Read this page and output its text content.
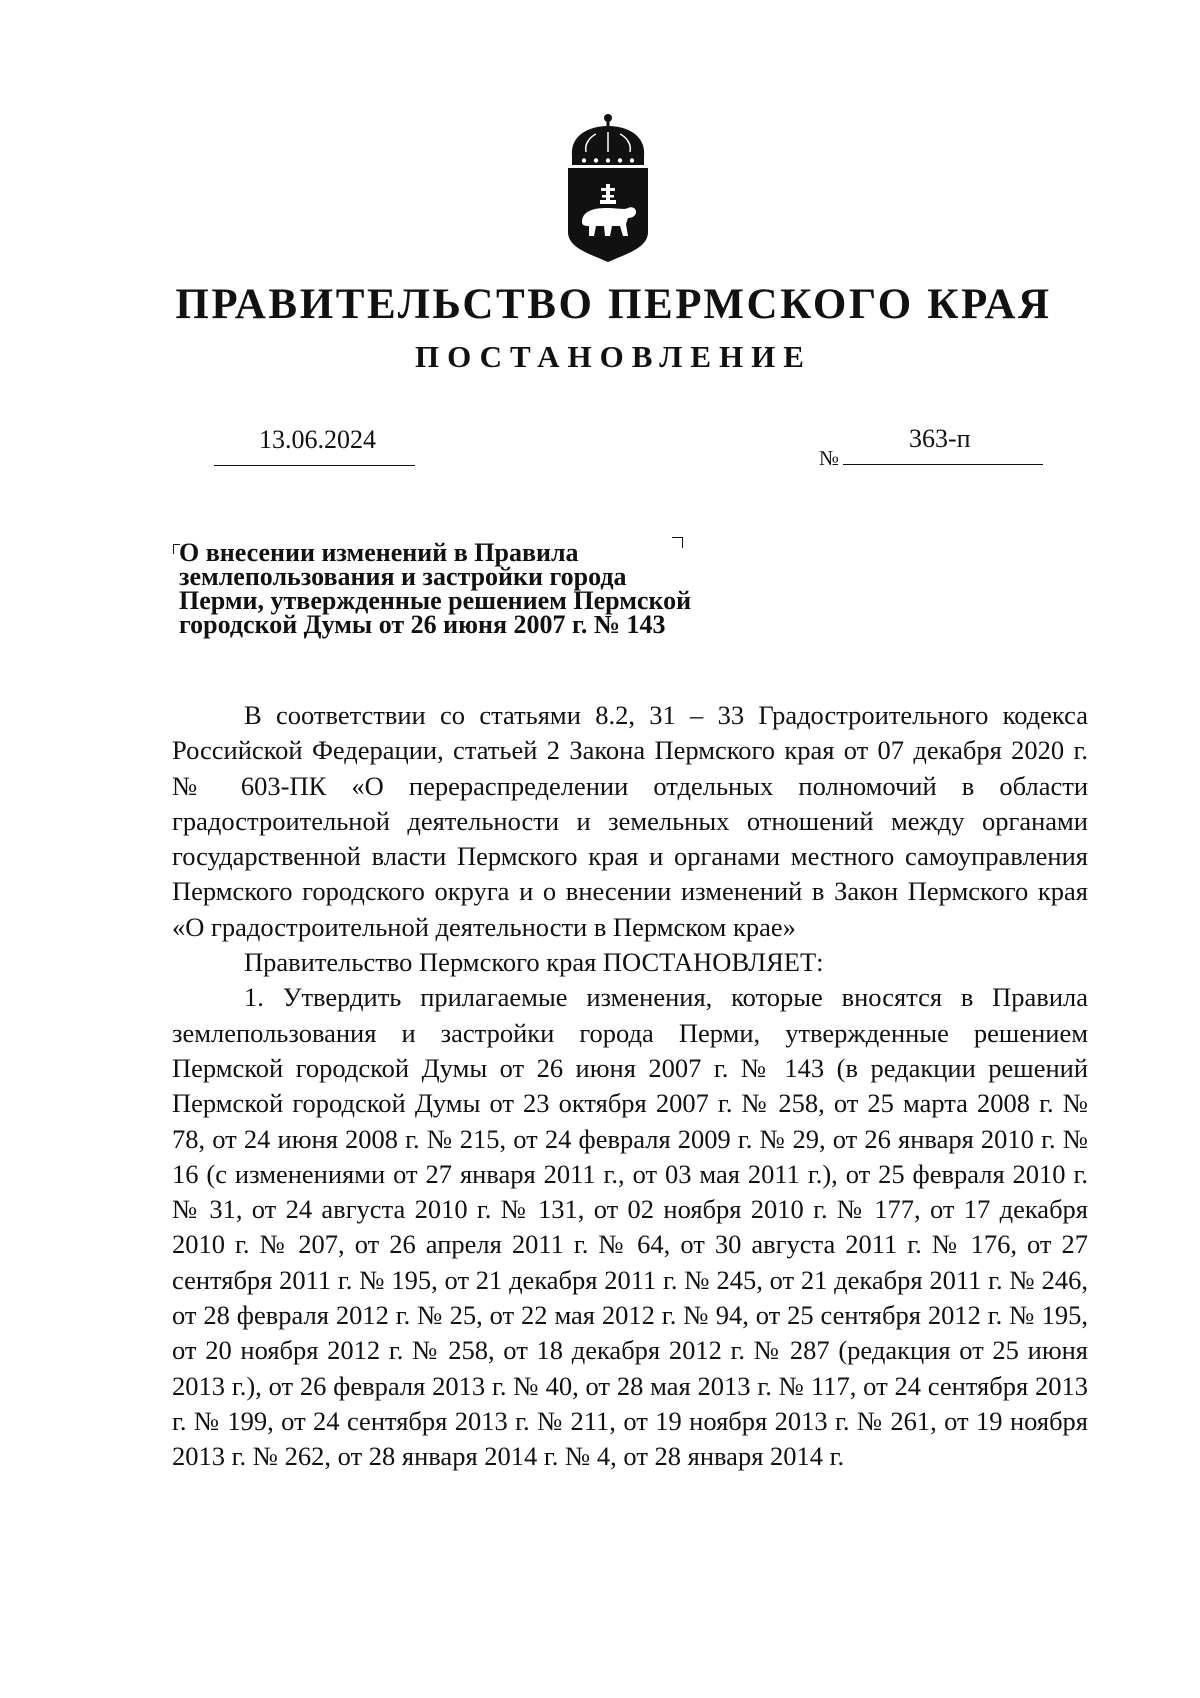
ПРАВИТЕЛЬСТВО ПЕРМСКОГО КРАЯ
ПОСТАНОВЛЕНИЕ
13.06.2024
№
363-п
О внесении изменений в Правила
землепользования и застройки города
Перми, утвержденные решением Пермской
городской Думы от 26 июня 2007 г. № 143

В соответствии со статьями 8.2, 31 – 33 Градостроительного кодекса Российской Федерации, статьей 2 Закона Пермского края от 07 декабря 2020 г. № 603-ПК «О перераспределении отдельных полномочий в области градостроительной деятельности и земельных отношений между органами государственной власти Пермского края и органами местного самоуправления Пермского городского округа и о внесении изменений в Закон Пермского края «О градостроительной деятельности в Пермском крае»

Правительство Пермского края ПОСТАНОВЛЯЕТ:

1. Утвердить прилагаемые изменения, которые вносятся в Правила землепользования и застройки города Перми, утвержденные решением Пермской городской Думы от 26 июня 2007 г. № 143 (в редакции решений Пермской городской Думы от 23 октября 2007 г. № 258, от 25 марта 2008 г. № 78, от 24 июня 2008 г. № 215, от 24 февраля 2009 г. № 29, от 26 января 2010 г. № 16 (с изменениями от 27 января 2011 г., от 03 мая 2011 г.), от 25 февраля 2010 г. № 31, от 24 августа 2010 г. № 131, от 02 ноября 2010 г. № 177, от 17 декабря 2010 г. № 207, от 26 апреля 2011 г. № 64, от 30 августа 2011 г. № 176, от 27 сентября 2011 г. № 195, от 21 декабря 2011 г. № 245, от 21 декабря 2011 г. № 246, от 28 февраля 2012 г. № 25, от 22 мая 2012 г. № 94, от 25 сентября 2012 г. № 195, от 20 ноября 2012 г. № 258, от 18 декабря 2012 г. № 287 (редакция от 25 июня 2013 г.), от 26 февраля 2013 г. № 40, от 28 мая 2013 г. № 117, от 24 сентября 2013 г. № 199, от 24 сентября 2013 г. № 211, от 19 ноября 2013 г. № 261, от 19 ноября 2013 г. № 262, от 28 января 2014 г. № 4, от 28 января 2014 г.
